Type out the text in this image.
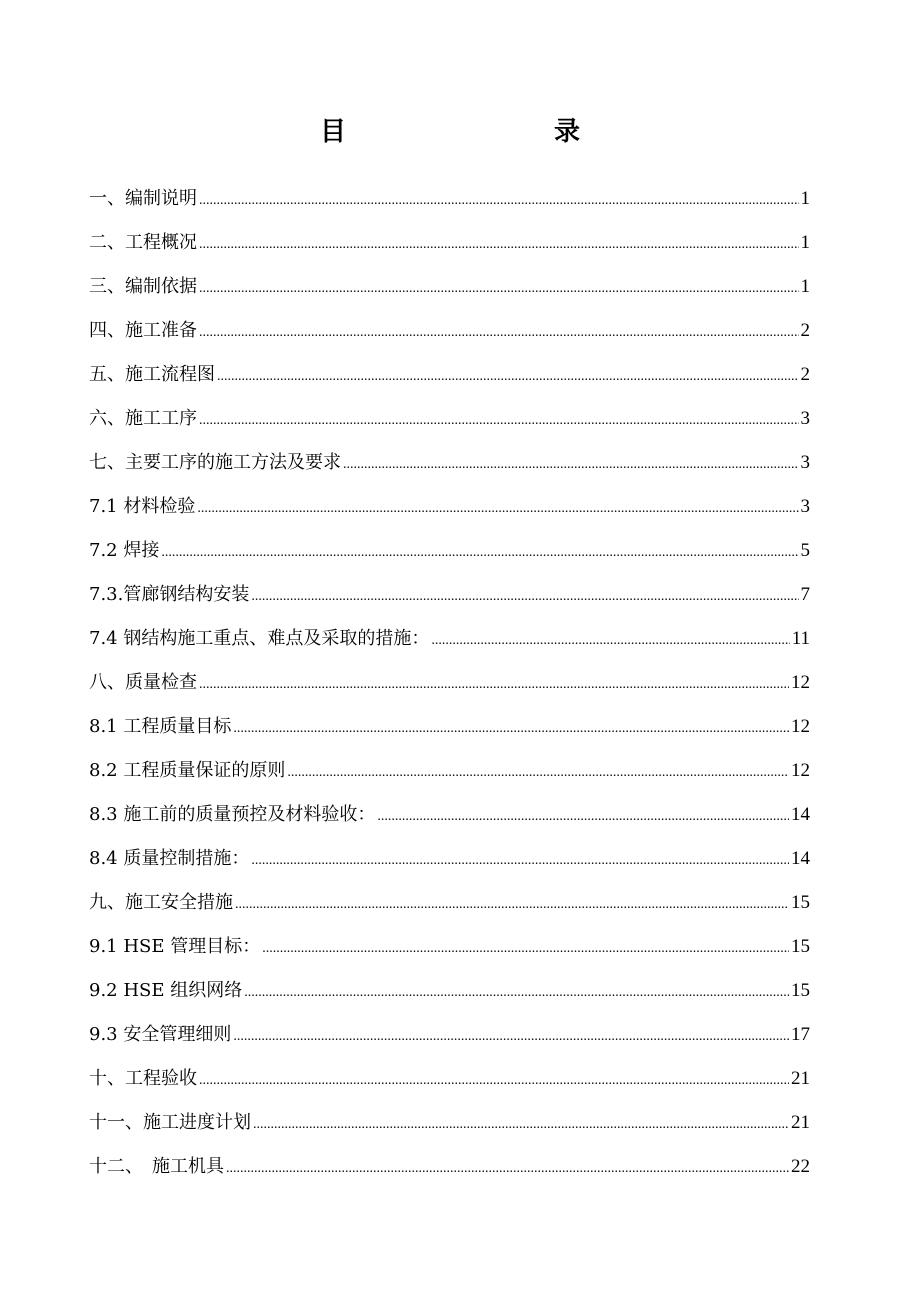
目　　录
一、编制说明 .....	1
二、工程概况 .....	1
三、编制依据 .....	1
四、施工准备 .....	2
五、施工流程图 .....	2
六、施工工序 .....	3
七、主要工序的施工方法及要求 .....	3
7.1 材料检验 .....	3
7.2 焊接 .....	5
7.3.管廊钢结构安装 .....	7
7.4 钢结构施工重点、难点及采取的措施： .....	11
八、质量检查 .....	12
8.1 工程质量目标 .....	12
8.2 工程质量保证的原则 .....	12
8.3 施工前的质量预控及材料验收： .....	14
8.4 质量控制措施： .....	14
九、施工安全措施 .....	15
9.1 HSE 管理目标： .....	15
9.2 HSE 组织网络 .....	15
9.3 安全管理细则 .....	17
十、工程验收 .....	21
十一、施工进度计划 .....	21
十二、　施工机具 .....	22
